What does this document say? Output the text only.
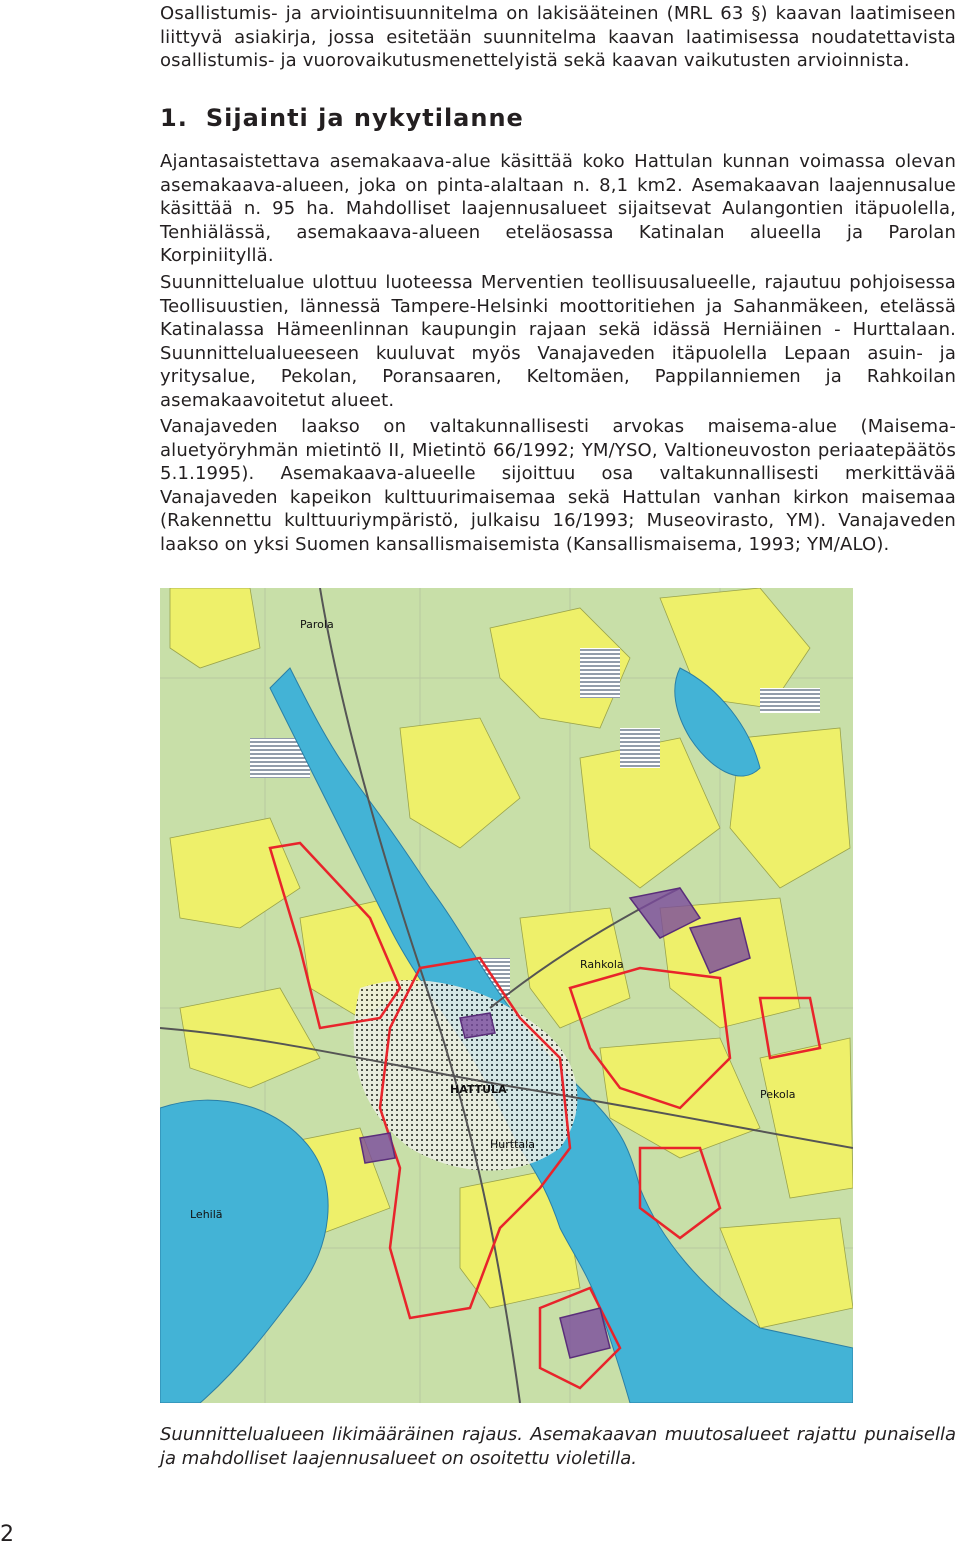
Osallistumis- ja arviointisuunnitelma on lakisääteinen (MRL 63 §) kaavan laatimiseen liittyvä asiakirja, jossa esitetään suunnitelma kaavan laatimisessa noudatettavista osallistumis- ja vuorovaikutusmenettelyistä sekä kaavan vaikutusten arvioinnista.

1. Sijainti ja nykytilanne

Ajantasaistettava asemakaava-alue käsittää koko Hattulan kunnan voimassa olevan asemakaava-alueen, joka on pinta-alaltaan n. 8,1 km2. Asemakaavan laajennusalue käsittää n. 95 ha. Mahdolliset laajennusalueet sijaitsevat Aulangontien itäpuolella, Tenhiälässä, asemakaava-alueen eteläosassa Katinalan alueella ja Parolan Korpiniityllä.

Suunnittelualue ulottuu luoteessa Merventien teollisuusalueelle, rajautuu pohjoisessa Teollisuustien, lännessä Tampere-Helsinki moottoritiehen ja Sahanmäkeen, etelässä Katinalassa Hämeenlinnan kaupungin rajaan sekä idässä Herniäinen - Hurttalaan. Suunnittelualueeseen kuuluvat myös Vanajaveden itäpuolella Lepaan asuin- ja yritysalue, Pekolan, Poransaaren, Keltomäen, Pappilanniemen ja Rahkoilan asemakaavoitetut alueet.

Vanajaveden laakso on valtakunnallisesti arvokas maisema-alue (Maisema-aluetyöryhmän mietintö II, Mietintö 66/1992; YM/YSO, Valtioneuvoston periaatepäätös 5.1.1995). Asemakaava-alueelle sijoittuu osa valtakunnallisesti merkittävää Vanajaveden kapeikon kulttuurimaisemaa sekä Hattulan vanhan kirkon maisemaa (Rakennettu kulttuuriympäristö, julkaisu 16/1993; Museovirasto, YM). Vanajaveden laakso on yksi Suomen kansallismaisemista (Kansallismaisema, 1993; YM/ALO).

Rahkola
HATTULA	Pekola
Hurttala
Lehilä
Parola

Suunnittelualueen likimääräinen rajaus. Asemakaavan muutosalueet rajattu punaisella ja mahdolliset laajennusalueet on osoitettu violetilla.

2
